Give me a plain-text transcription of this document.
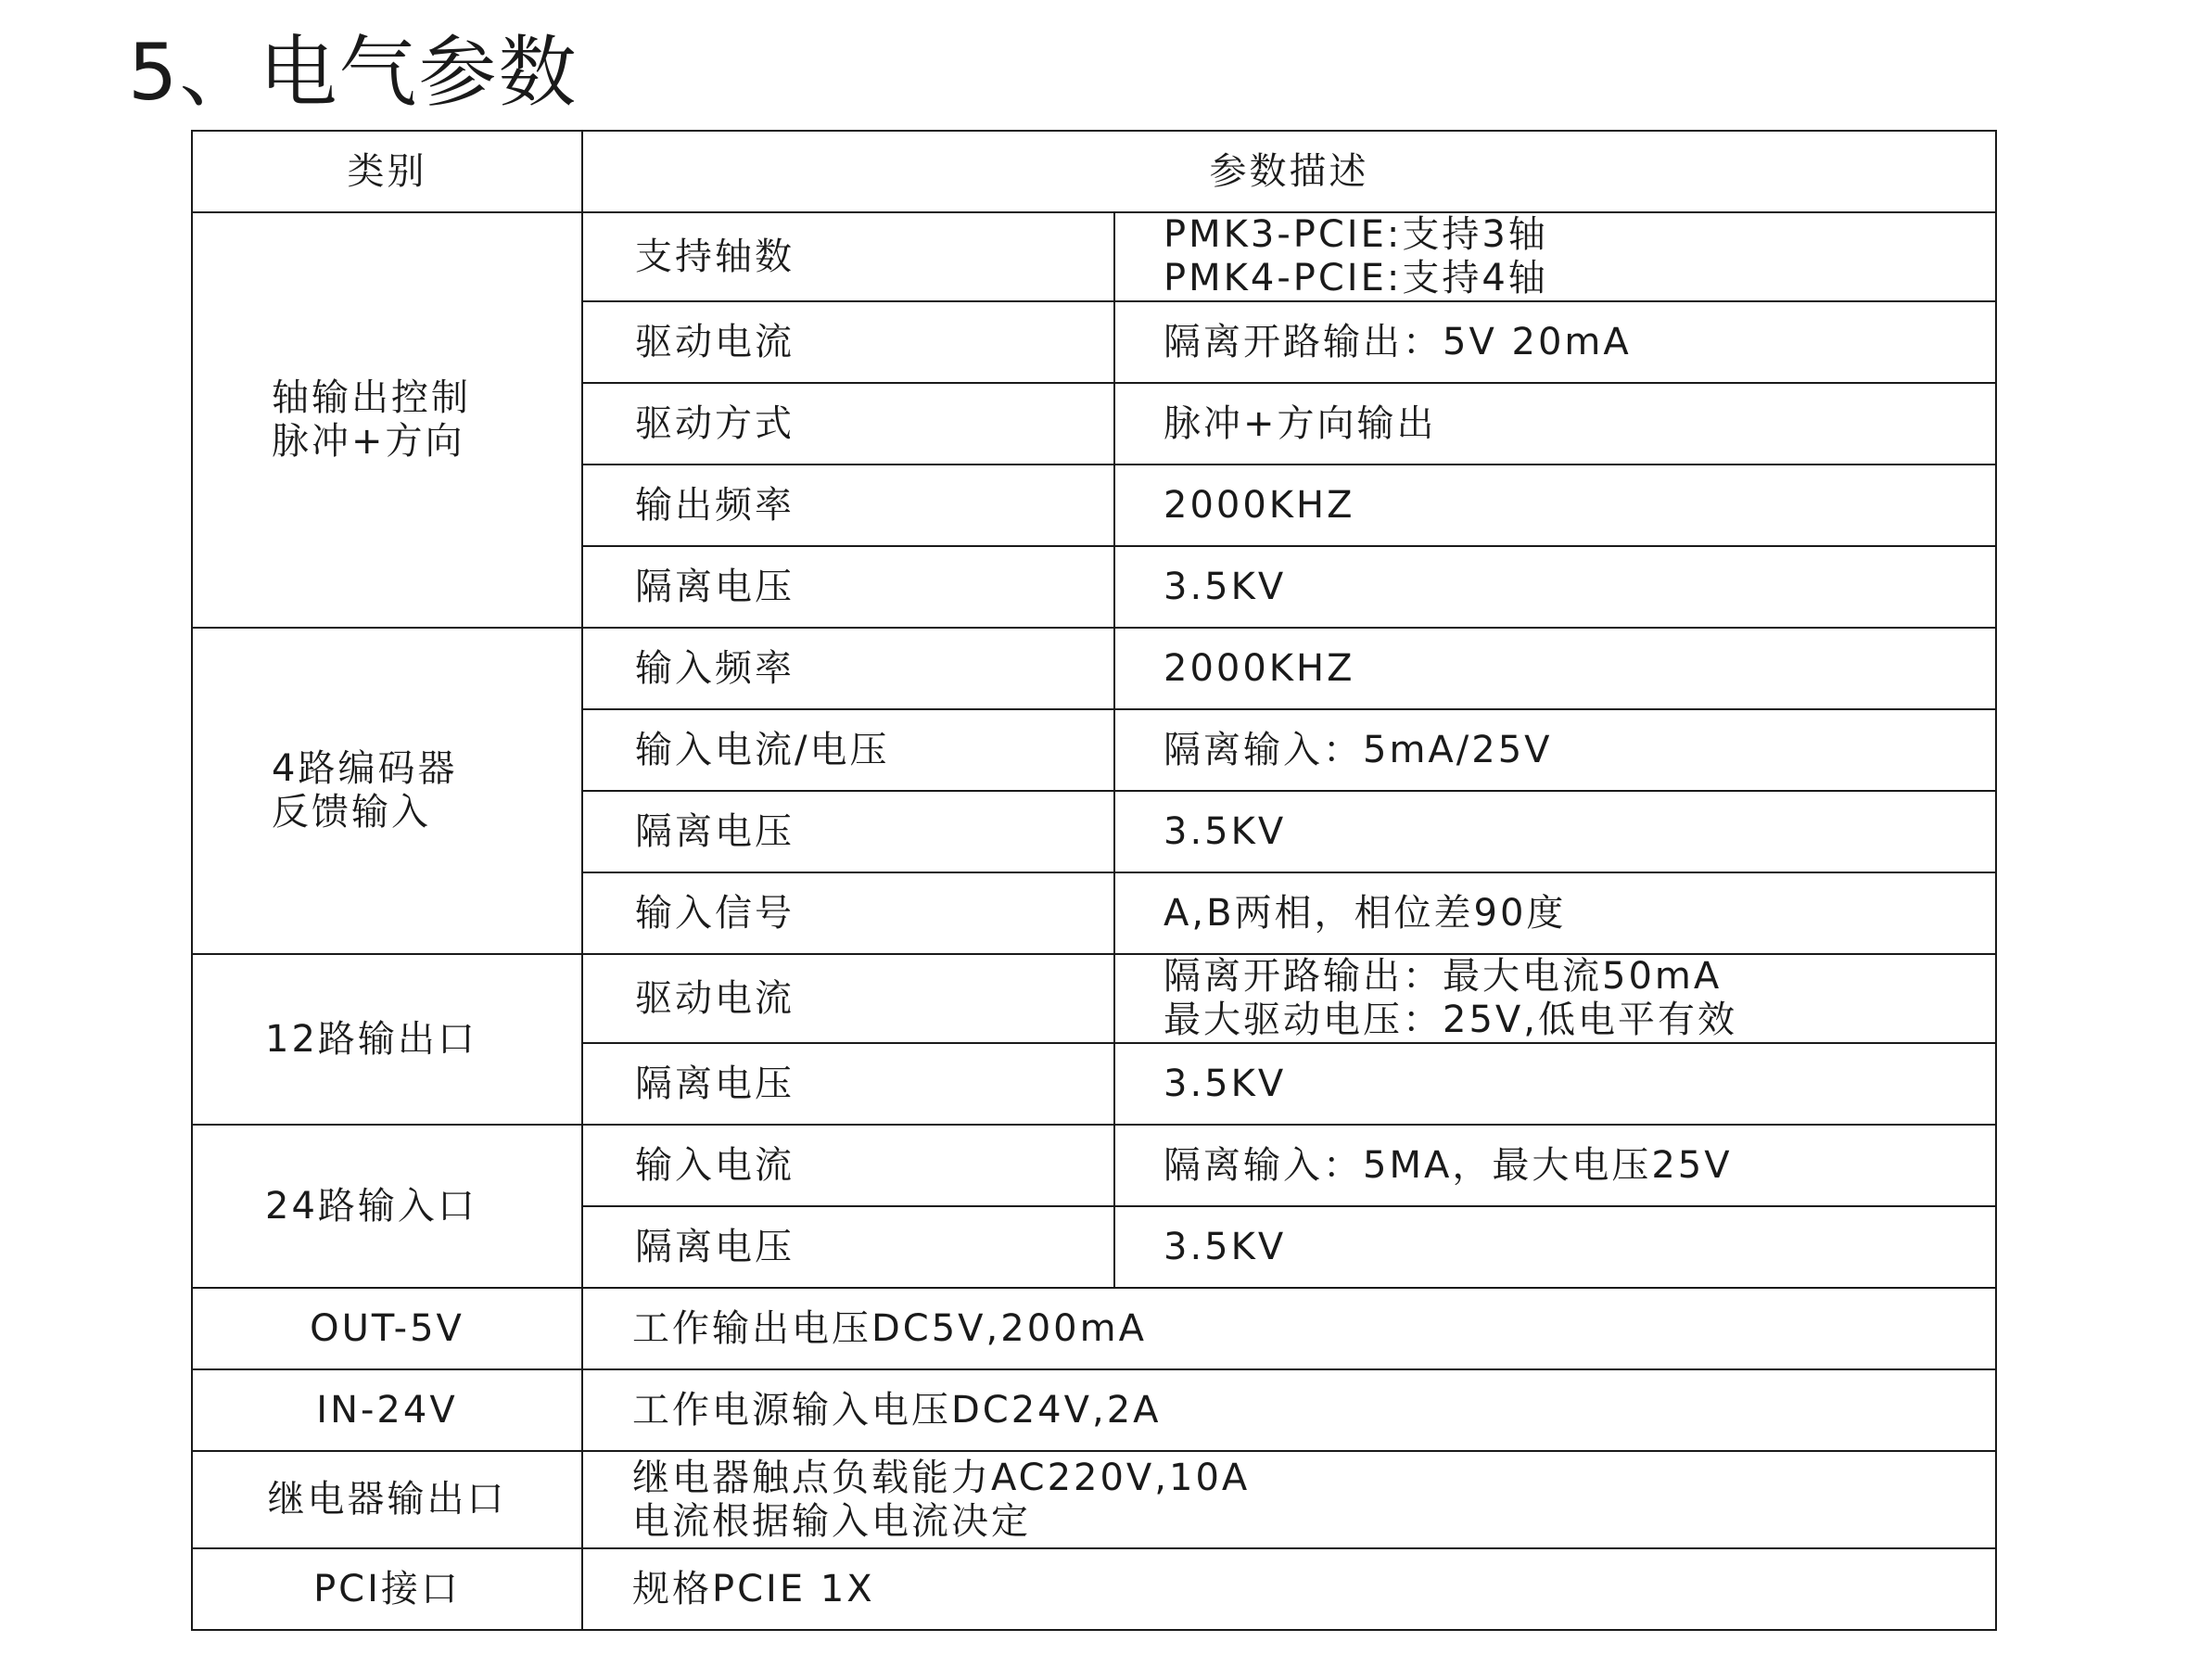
5、电气参数
类别	参数描述	

轴输出控制
脉冲+方向	支持轴数	PMK3-PCIE:支持3轴
PMK4-PCIE:支持4轴

	驱动电流	隔离开路输出：5V 20mA

	驱动方式	脉冲+方向输出

	输出频率	2000KHZ

	隔离电压	3.5KV

4路编码器
反馈输入	输入频率	2000KHZ

	输入电流/电压	隔离输入：5mA/25V

	隔离电压	3.5KV

	输入信号	A,B两相，相位差90度

12路输出口	驱动电流	隔离开路输出：最大电流50mA
最大驱动电压：25V,低电平有效

	隔离电压	3.5KV

24路输入口	输入电流	隔离输入：5MA，最大电压25V

	隔离电压	3.5KV

OUT-5V	工作输出电压DC5V,200mA	

IN-24V	工作电源输入电压DC24V,2A	

继电器输出口	继电器触点负载能力AC220V,10A
电流根据输入电流决定	

PCI接口	规格PCIE 1X	
